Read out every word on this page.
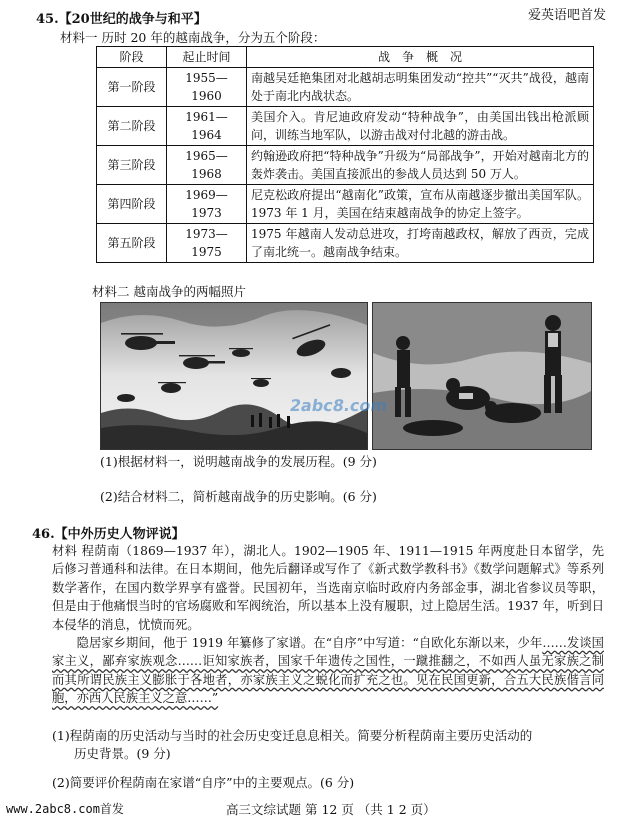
爱英语吧首发
45.【20世纪的战争与和平】
材料一 历时 20 年的越南战争，分为五个阶段：
阶段	起止时间	战　争　概　况
第一阶段	1955—1960	南越吴廷艳集团对北越胡志明集团发动“控共”“灭共”战役，越南处于南北内战状态。
第二阶段	1961—1964	美国介入。肯尼迪政府发动“特种战争”，由美国出钱出枪派顾问，训练当地军队，以游击战对付北越的游击战。
第三阶段	1965—1968	约翰逊政府把“特种战争”升级为“局部战争”，开始对越南北方的轰炸袭击。美国直接派出的参战人员达到 50 万人。
第四阶段	1969—1973	尼克松政府提出“越南化”政策，宣布从南越逐步撤出美国军队。1973 年 1 月，美国在结束越南战争的协定上签字。
第五阶段	1973—1975	1975 年越南人发动总进攻，打垮南越政权，解放了西贡，完成了南北统一。越南战争结束。
材料二 越南战争的两幅照片
2abc8.com
(1)根据材料一，说明越南战争的发展历程。(9 分)
(2)结合材料二，简析越南战争的历史影响。(6 分)
46.【中外历史人物评说】
材料 程荫南（1869—1937 年），湖北人。1902—1905 年、1911—1915 年两度赴日本留学，先后修习普通科和法律。在日本期间，他先后翻译或写作了《新式数学教科书》《数学问题解式》等系列数学著作，在国内数学界享有盛誉。民国初年，当选南京临时政府内务部金事，湖北省参议员等职，但是由于他痛恨当时的官场腐败和军阀统治，所以基本上没有履职，过上隐居生活。1937 年，听到日本侵华的消息，忧愤而死。
隐居家乡期间，他于 1919 年纂修了家谱。在“自序”中写道：“自欧化东渐以来，少年……发谈国家主义，鄙弃家族观念……讵知家族者，国家千年遗传之国性，一蹴推翻之，不如西人虽无家族之制而其所谓民族主义膨胀于各地者，亦家族主义之蜕化而扩充之也。见在民国更新，合五大民族偕言同胞，亦西人民族主义之意……”
(1)程荫南的历史活动与当时的社会历史变迁息息相关。简要分析程荫南主要历史活动的
历史背景。(9 分)
(2)简要评价程荫南在家谱“自序”中的主要观点。(6 分)
www.2abc8.com首发	高三文综试题 第 12 页 （共 1 2 页）
